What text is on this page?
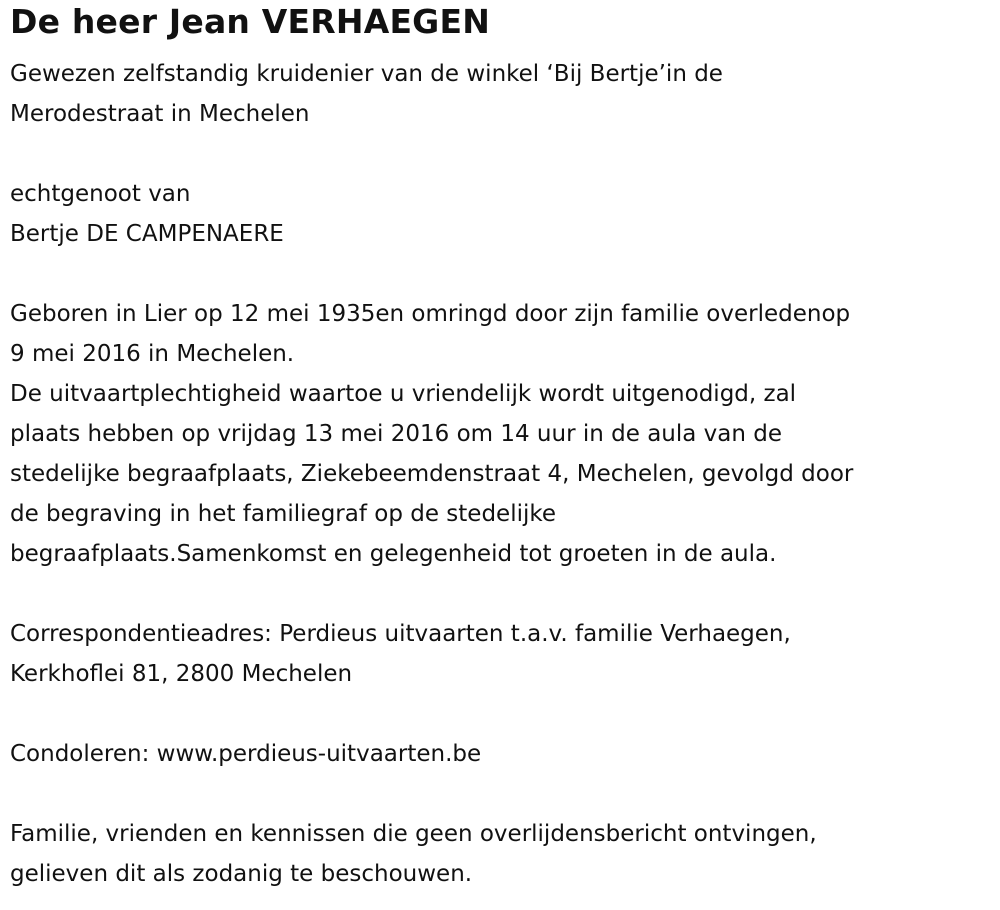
De heer Jean VERHAEGEN
Gewezen zelfstandig kruidenier van de winkel ‘Bij Bertje’in de
Merodestraat in Mechelen
echtgenoot van
Bertje DE CAMPENAERE
Geboren in Lier op 12 mei 1935en omringd door zijn familie overledenop
9 mei 2016 in Mechelen.
De uitvaartplechtigheid waartoe u vriendelijk wordt uitgenodigd, zal
plaats hebben op vrijdag 13 mei 2016 om 14 uur in de aula van de
stedelijke begraafplaats, Ziekebeemdenstraat 4, Mechelen, gevolgd door
de begraving in het familiegraf op de stedelijke
begraafplaats.Samenkomst en gelegenheid tot groeten in de aula.
Correspondentieadres: Perdieus uitvaarten t.a.v. familie Verhaegen,
Kerkhoflei 81, 2800 Mechelen
Condoleren: www.perdieus-uitvaarten.be
Familie, vrienden en kennissen die geen overlijdensbericht ontvingen,
gelieven dit als zodanig te beschouwen.
